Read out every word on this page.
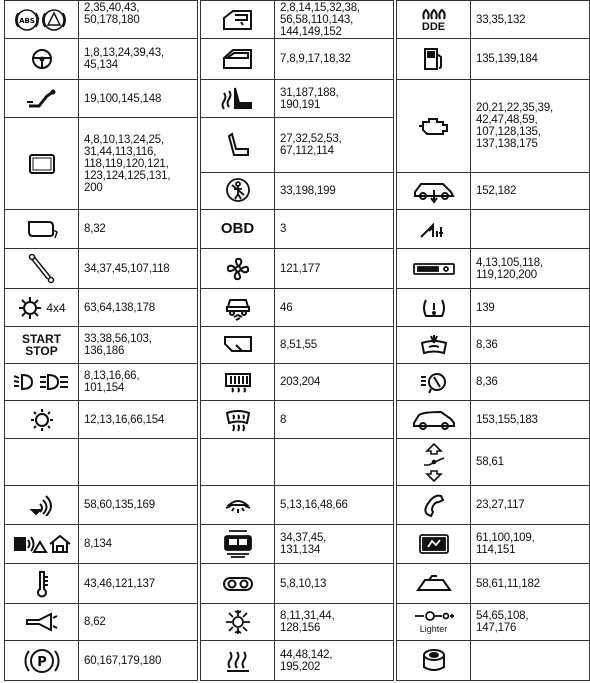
ABS
2,35,40,43,
50,178,180
1,8,13,24,39,43,
45,134
19,100,145,148
4,8,10,13,24,25,
31,44,113,116,
118,119,120,121,
123,124,125,131,
200
8,32
34,37,45,107,118
4x4 63,64,138,178
START
STOP
33,38,56,103,
136,186
8,13,16,66,
101,154
12,13,16,66,154
58,60,135,169
8,134
43,46,121,137
8,62
P	60,167,179,180
2,8,14,15,32,38,
56,58,110,143,
144,149,152
7,8,9,17,18,32
31,187,188,
190,191
27,32,52,53,
67,112,114
33,198,199
OBD 3
121,177
46
8,51,55
203,204
8
5,13,16,48,66
34,37,45,
131,134
5,8,10,13
8,11,31,44,
128,156
44,48,142,
195,202
DDE
33,35,132
135,139,184
20,21,22,35,39,
42,47,48,59,
107,128,135,
137,138,175
152,182
4,13,105,118,
119,120,200
139
8,36
8,36
153,155,183
58,61
23,27,117
61,100,109,
114,151
58,61,11,182
Lighter
54,65,108,
147,176
